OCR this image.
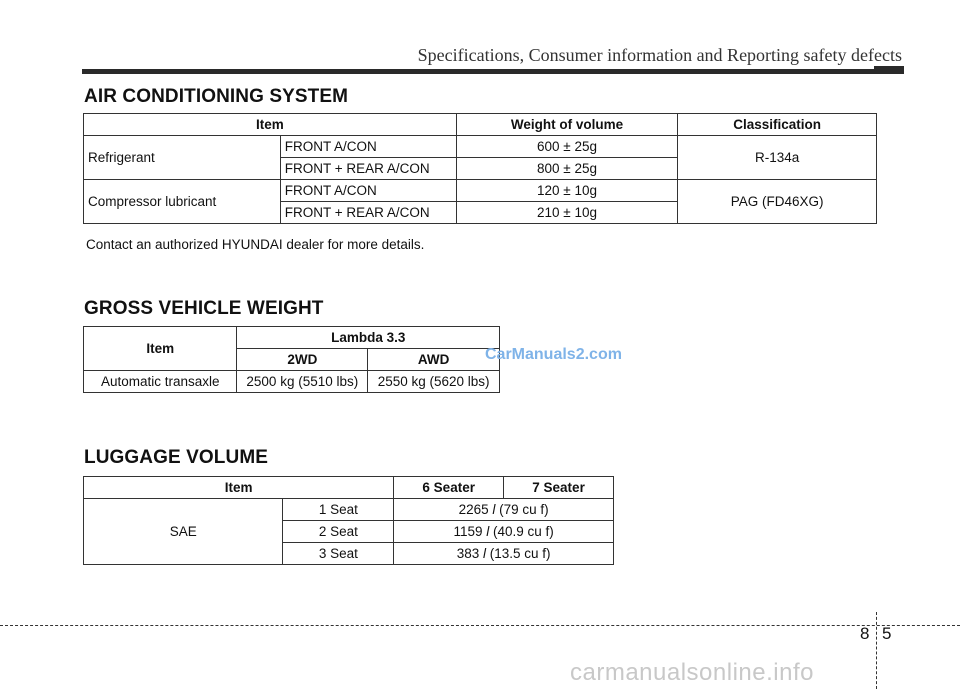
Specifications, Consumer information and Reporting safety defects
AIR CONDITIONING SYSTEM
Item		Weight of volume	Classification
Refrigerant	FRONT A/CON	600 ± 25g	R-134a
	FRONT + REAR A/CON	800 ± 25g	
Compressor lubricant	FRONT A/CON	120 ± 10g	PAG (FD46XG)
	FRONT + REAR A/CON	210 ± 10g	
Contact an authorized HYUNDAI dealer for more details.
GROSS VEHICLE WEIGHT
Item	Lambda 3.3	
	2WD	AWD
Automatic transaxle	2500 kg (5510 lbs)	2550 kg (5620 lbs)
CarManuals2.com
LUGGAGE VOLUME
Item		6 Seater	7 Seater
SAE	1 Seat	2265 l (79 cu f)	
	2 Seat	1159 l (40.9 cu f)	
	3 Seat	383 l (13.5 cu f)	
8 5
carmanualsonline.info
